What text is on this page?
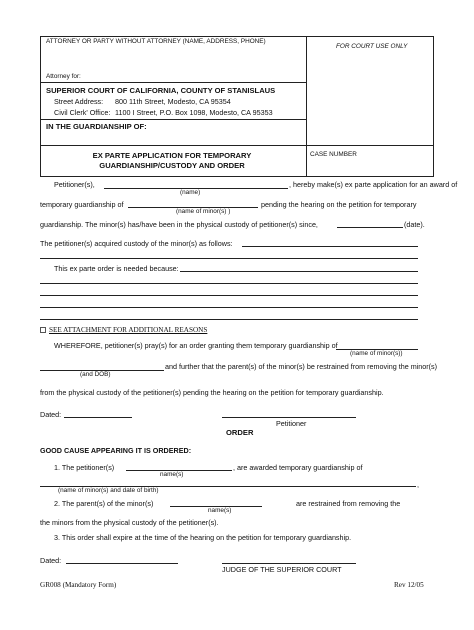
ATTORNEY OR PARTY WITHOUT ATTORNEY (NAME, ADDRESS, PHONE)
FOR COURT USE ONLY
Attorney for:
SUPERIOR COURT OF CALIFORNIA, COUNTY OF STANISLAUS
Street Address: 800 11th Street, Modesto, CA 95354
Civil Clerk' Office: 1100 I Street, P.O. Box 1098, Modesto, CA 95353
IN THE GUARDIANSHIP OF:
EX PARTE APPLICATION FOR TEMPORARY
GUARDIANSHIP/CUSTODY AND ORDER
CASE NUMBER
Petitioner(s),	, hereby make(s) ex parte application for an award of
(name)
temporary guardianship of	pending the hearing on the petition for temporary
(name of minor(s) )
guardianship. The minor(s) has/have been in the physical custody of petitioner(s) since,	(date).
The petitioner(s) acquired custody of the minor(s) as follows:
This ex parte order is needed because:
SEE ATTACHMENT FOR ADDITIONAL REASONS
WHEREFORE, petitioner(s) pray(s) for an order granting them temporary guardianship of
(name of minor(s))
and further that the parent(s) of the minor(s) be restrained from removing the minor(s)
(and DOB)
from the physical custody of the petitioner(s) pending the hearing on the petition for temporary guardianship.
Dated:
Petitioner
ORDER
GOOD CAUSE APPEARING IT IS ORDERED:
1. The petitioner(s)	, are awarded temporary guardianship of
name(s)
,
(name of minor(s) and date of birth)
2. The parent(s) of the minor(s)	are restrained from removing the
name(s)
the minors from the physical custody of the petitioner(s).
3. This order shall expire at the time of the hearing on the petition for temporary guardianship.
Dated:
JUDGE OF THE SUPERIOR COURT
GR008 (Mandatory Form)	Rev 12/05
